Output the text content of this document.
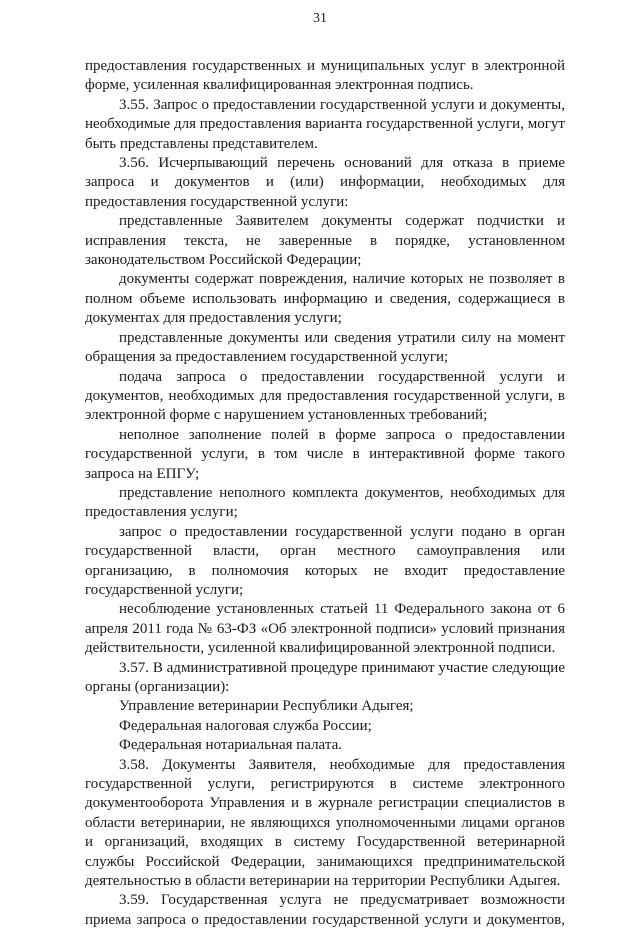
31

предоставления государственных и муниципальных услуг в электронной форме, усиленная квалифицированная электронная подпись.

3.55. Запрос о предоставлении государственной услуги и документы, необходимые для предоставления варианта государственной услуги, могут быть представлены представителем.

3.56. Исчерпывающий перечень оснований для отказа в приеме запроса и документов и (или) информации, необходимых для предоставления государственной услуги:

представленные Заявителем документы содержат подчистки и исправления текста, не заверенные в порядке, установленном законодательством Российской Федерации;

документы содержат повреждения, наличие которых не позволяет в полном объеме использовать информацию и сведения, содержащиеся в документах для предоставления услуги;

представленные документы или сведения утратили силу на момент обращения за предоставлением государственной услуги;

подача запроса о предоставлении государственной услуги и документов, необходимых для предоставления государственной услуги, в электронной форме с нарушением установленных требований;

неполное заполнение полей в форме запроса о предоставлении государственной услуги, в том числе в интерактивной форме такого запроса на ЕПГУ;

представление неполного комплекта документов, необходимых для предоставления услуги;

запрос о предоставлении государственной услуги подано в орган государственной власти, орган местного самоуправления или организацию, в полномочия которых не входит предоставление государственной услуги;

несоблюдение установленных статьей 11 Федерального закона от 6 апреля 2011 года № 63-ФЗ «Об электронной подписи» условий признания действительности, усиленной квалифицированной электронной подписи.

3.57. В административной процедуре принимают участие следующие органы (организации):

Управление ветеринарии Республики Адыгея;

Федеральная налоговая служба России;

Федеральная нотариальная палата.

3.58. Документы Заявителя, необходимые для предоставления государственной услуги, регистрируются в системе электронного документооборота Управления и в журнале регистрации специалистов в области ветеринарии, не являющихся уполномоченными лицами органов и организаций, входящих в систему Государственной ветеринарной службы Российской Федерации, занимающихся предпринимательской деятельностью в области ветеринарии на территории Республики Адыгея.

3.59. Государственная услуга не предусматривает возможности приема запроса о предоставлении государственной услуги и документов,
